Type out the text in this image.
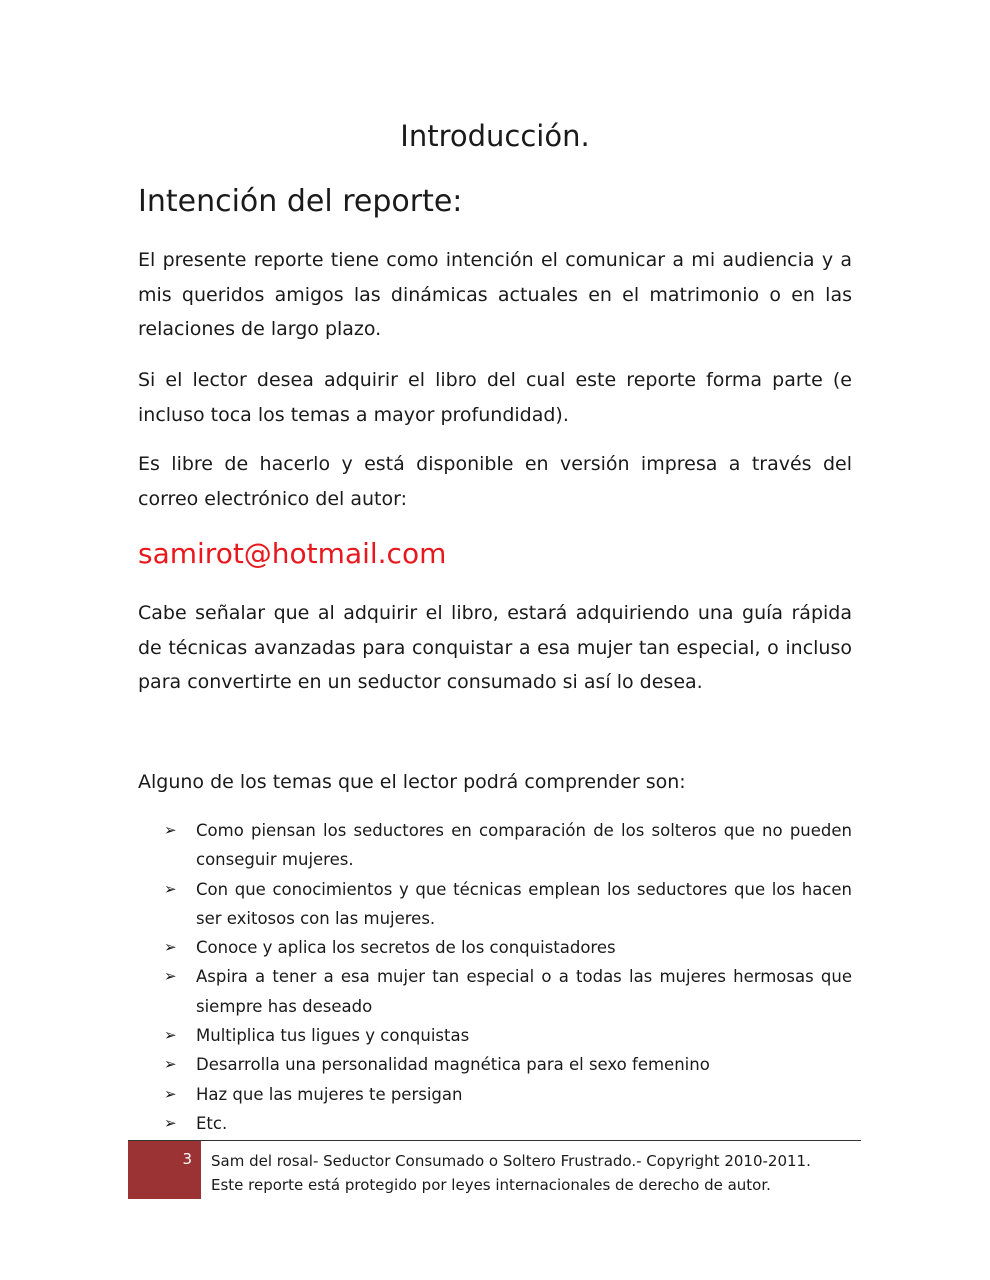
Introducción.
Intención del reporte:

El presente reporte tiene como intención el comunicar a mi audiencia y a mis queridos amigos las dinámicas actuales en el matrimonio o en las relaciones de largo plazo.

Si el lector desea adquirir el libro del cual este reporte forma parte (e incluso toca los temas a mayor profundidad).

Es libre de hacerlo y está disponible en versión impresa a través del correo electrónico del autor:

samirot@hotmail.com

Cabe señalar que al adquirir el libro, estará adquiriendo una guía rápida de técnicas avanzadas para conquistar a esa mujer tan especial, o incluso para convertirte en un seductor consumado si así lo desea.

Alguno de los temas que el lector podrá comprender son:

➢ Como piensan los seductores en comparación de los solteros que no pueden conseguir mujeres.
➢ Con que conocimientos y que técnicas emplean los seductores que los hacen ser exitosos con las mujeres.
➢ Conoce y aplica los secretos de los conquistadores
➢ Aspira a tener a esa mujer tan especial o a todas las mujeres hermosas que siempre has deseado
➢ Multiplica tus ligues y conquistas
➢ Desarrolla una personalidad magnética para el sexo femenino
➢ Haz que las mujeres te persigan
➢ Etc.
3	Sam del rosal- Seductor Consumado o Soltero Frustrado.- Copyright 2010-2011.
Este reporte está protegido por leyes internacionales de derecho de autor.
